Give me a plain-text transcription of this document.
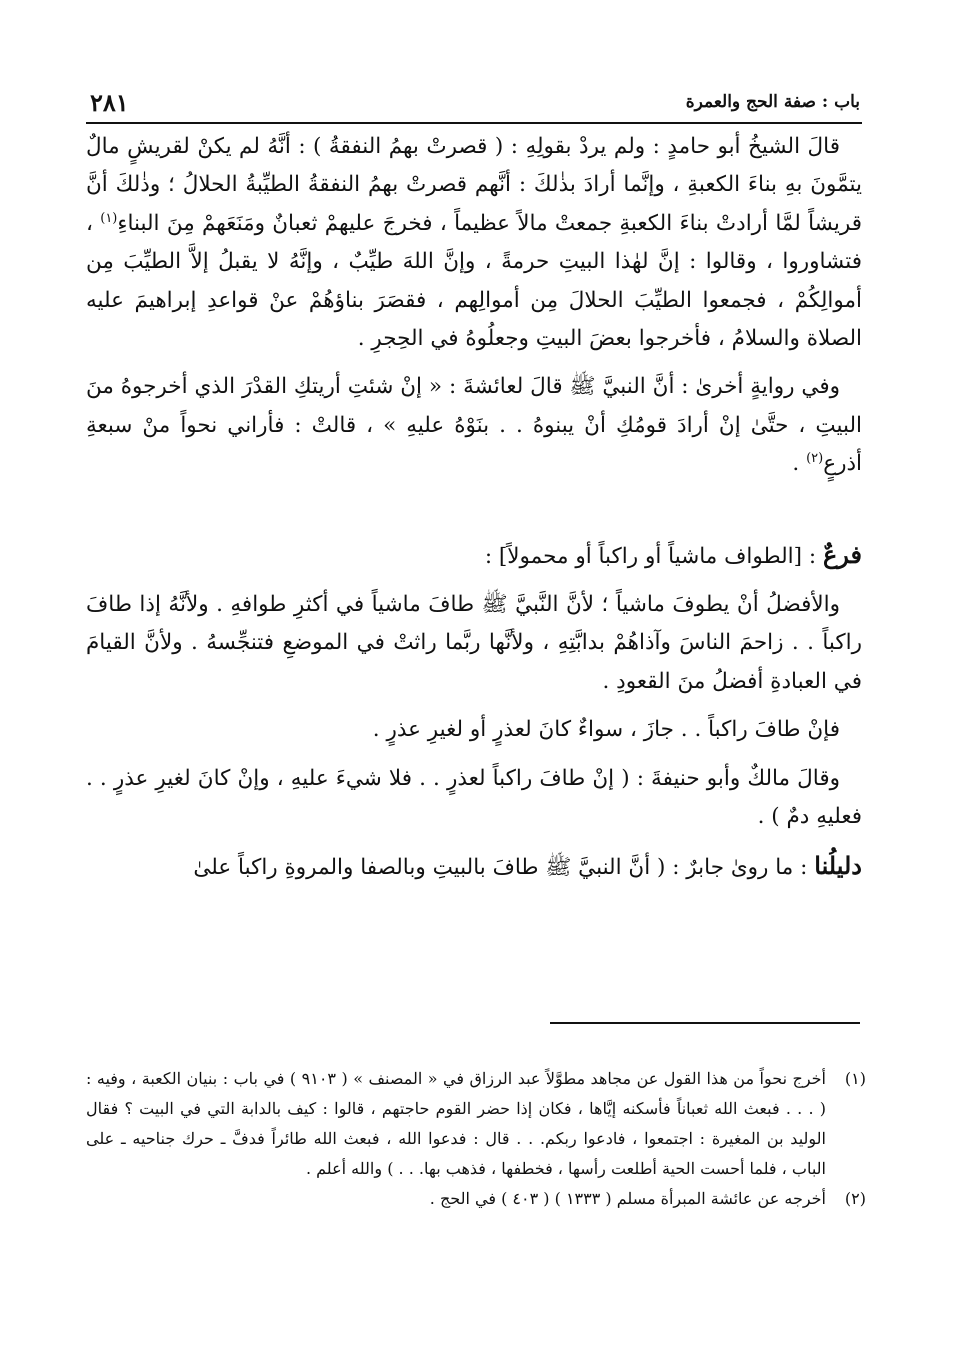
باب : صفة الحج والعمرة
٢٨١

قالَ الشيخُ أبو حامدٍ : ولم يردْ بقولِهِ : ( قصرتْ بهمُ النفقةُ ) : أنَّهُ لم يكنْ لقريشٍ مالٌ يتمَّونَ بهِ بناءَ الكعبةِ ، وإنَّما أرادَ بذٰلكَ : أنَّهم قصرتْ بهمُ النفقةُ الطيِّبةُ الحلالُ ؛ وذٰلكَ أنَّ قريشاً لمَّا أرادتْ بناءَ الكعبةِ جمعتْ مالاً عظيماً ، فخرجَ عليهمْ ثعبانٌ ومَنَعَهمْ مِنَ البناءِ$^{(١)}$ ، فتشاوروا ، وقالوا : إنَّ لهٰذا البيتِ حرمةً ، وإنَّ اللهَ طيِّبٌ ، وإنَّهُ لا يقبلُ إلاَّ الطيِّبَ مِن أموالِكُمْ ، فجمعوا الطيِّبَ الحلالَ مِن أموالِهم ، فقصَرَ بناؤهُمْ عنْ قواعدِ إبراهيمَ عليه الصلاة والسلامُ ، فأخرجوا بعضَ البيتِ وجعلُوهُ في الحِجرِ .

وفي روايةٍ أخرىٰ : أنَّ النبيَّ ﷺ قالَ لعائشةَ : « إنْ شئتِ أريتكِ القدْرَ الذي أخرجوهُ منَ البيتِ ، حتَّىٰ إنْ أرادَ قومُكِ أنْ يبنوهُ . . بنَوْهُ عليهِ » ، قالتْ : فأراني نحواً منْ سبعةِ أذرعٍ$^{(٢)}$ .

فرعٌ : [الطواف ماشياً أو راكباً أو محمولاً] :

والأفضلُ أنْ يطوفَ ماشياً ؛ لأنَّ النَّبيَّ ﷺ طافَ ماشياً في أكثرِ طوافهِ . ولأنَّهُ إذا طافَ راكباً . . زاحمَ الناسَ وآذاهُمْ بدابَّتِهِ ، ولأنَّها ربَّما راثتْ في الموضعِ فتنجِّسهُ . ولأنَّ القيامَ في العبادةِ أفضلُ منَ القعودِ .

فإنْ طافَ راكباً . . جازَ ، سواءٌ كانَ لعذرٍ أو لغيرِ عذرٍ .

وقالَ مالكٌ وأبو حنيفةَ : ( إنْ طافَ راكباً لعذرٍ . . فلا شيءَ عليهِ ، وإنْ كانَ لغيرِ عذرٍ . . فعليهِ دمٌ ) .

دليلُنا : ما روىٰ جابرٌ : ( أنَّ النبيَّ ﷺ طافَ بالبيتِ وبالصفا والمروةِ راكباً علىٰ

(١)
أخرج نحواً من هذا القول عن مجاهد مطوَّلاً عبد الرزاق في « المصنف » ( ٩١٠٣ ) في باب : بنيان الكعبة ، وفيه : ( . . . فبعث الله ثعباناً فأسكنه إيَّاها ، فكان إذا حضر القوم حاجتهم ، قالوا : كيف بالدابة التي في البيت ؟ فقال الوليد بن المغيرة : اجتمعوا ، فادعوا ربكم. . . قال : فدعوا الله ، فبعث الله طائراً فدفَّ ـ حرك جناحيه ـ على الباب ، فلما أحست الحية أطلعت رأسها ، فخطفها ، فذهب بها. . . ) والله أعلم .
(٢)
أخرجه عن عائشة المبرأة مسلم ( ١٣٣٣ ) ( ٤٠٣ ) في الحج .
